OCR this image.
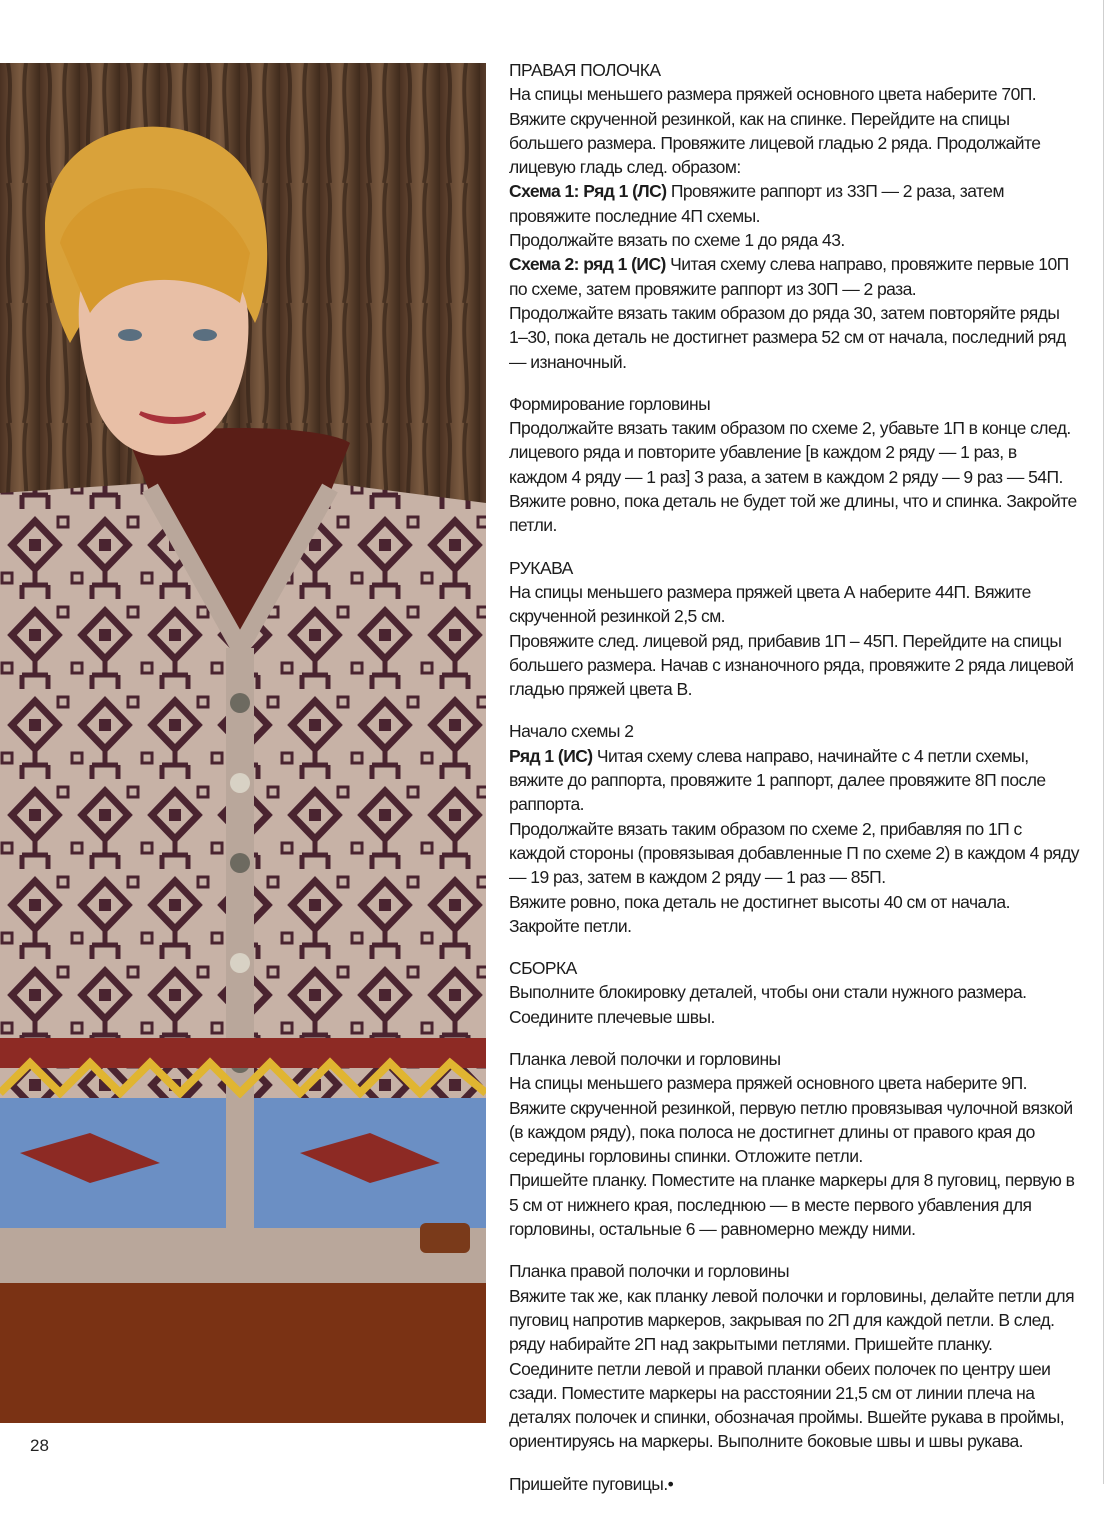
ПРАВАЯ ПОЛОЧКА
На спицы меньшего размера пряжей основного цвета наберите 70П. Вяжите скрученной резинкой, как на спинке. Перейдите на спицы большего размера. Провяжите лицевой гладью 2 ряда. Продолжайте лицевую гладь след. образом:
Схема 1: Ряд 1 (ЛС) Провяжите раппорт из 33П — 2 раза, затем провяжите последние 4П схемы.
Продолжайте вязать по схеме 1 до ряда 43.
Схема 2: ряд 1 (ИС) Читая схему слева направо, провяжите первые 10П по схеме, затем провяжите раппорт из 30П — 2 раза.
Продолжайте вязать таким образом до ряда 30, затем повторяйте ряды 1–30, пока деталь не достигнет размера 52 см от начала, последний ряд — изнаночный.
Формирование горловины
Продолжайте вязать таким образом по схеме 2, убавьте 1П в конце след. лицевого ряда и повторите убавление [в каждом 2 ряду — 1 раз, в каждом 4 ряду — 1 раз] 3 раза, а затем в каждом 2 ряду — 9 раз — 54П. Вяжите ровно, пока деталь не будет той же длины, что и спинка. Закройте петли.
РУКАВА
На спицы меньшего размера пряжей цвета А наберите 44П. Вяжите скрученной резинкой 2,5 см.
Провяжите след. лицевой ряд, прибавив 1П – 45П. Перейдите на спицы большего размера. Начав с изнаночного ряда, провяжите 2 ряда лицевой гладью пряжей цвета В.
Начало схемы 2
Ряд 1 (ИС) Читая схему слева направо, начинайте с 4 петли схемы, вяжите до раппорта, провяжите 1 раппорт, далее провяжите 8П после раппорта.
Продолжайте вязать таким образом по схеме 2, прибавляя по 1П с каждой стороны (провязывая добавленные П по схеме 2) в каждом 4 ряду — 19 раз, затем в каждом 2 ряду — 1 раз — 85П.
Вяжите ровно, пока деталь не достигнет высоты 40 см от начала. Закройте петли.
СБОРКА
Выполните блокировку деталей, чтобы они стали нужного размера. Соедините плечевые швы.
Планка левой полочки и горловины
На спицы меньшего размера пряжей основного цвета наберите 9П. Вяжите скрученной резинкой, первую петлю провязывая чулочной вязкой (в каждом ряду), пока полоса не достигнет длины от правого края до середины горловины спинки. Отложите петли.
Пришейте планку. Поместите на планке маркеры для 8 пуговиц, первую в 5 см от нижнего края, последнюю — в месте первого убавления для горловины, остальные 6 — равномерно между ними.
Планка правой полочки и горловины
Вяжите так же, как планку левой полочки и горловины, делайте петли для пуговиц напротив маркеров, закрывая по 2П для каждой петли. В след. ряду набирайте 2П над закрытыми петлями. Пришейте планку. Соедините петли левой и правой планки обеих полочек по центру шеи сзади. Поместите маркеры на расстоянии 21,5 см от линии плеча на деталях полочек и спинки, обозначая проймы. Вшейте рукава в проймы, ориентируясь на маркеры. Выполните боковые швы и швы рукава.
Пришейте пуговицы.•
28
